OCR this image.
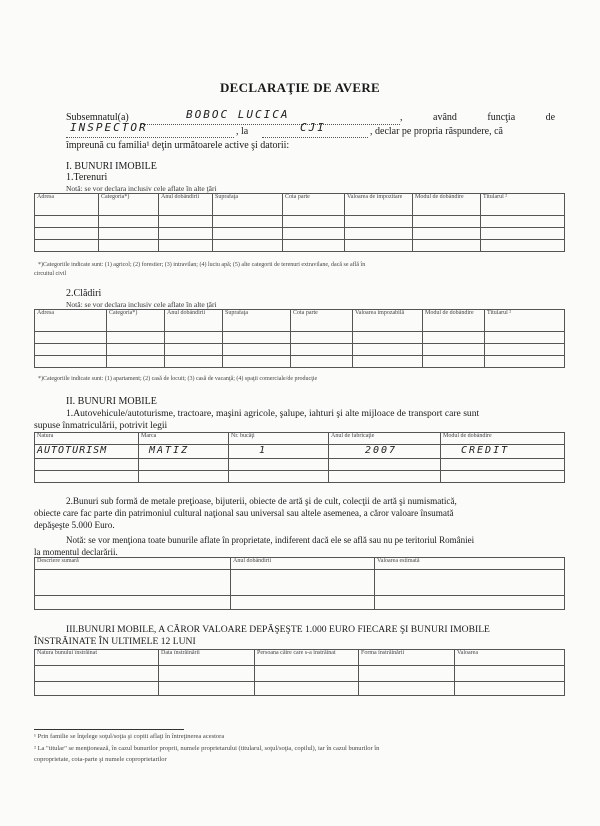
DECLARAŢIE DE AVERE
Subsemnatul(a)	BOBOC LUCICA	, având funcţia de
INSPECTOR	, la	CJI	, declar pe propria răspundere, că
împreună cu familia¹ deţin următoarele active şi datorii:
I. BUNURI IMOBILE
1.Terenuri
Notă: se vor declara inclusiv cele aflate în alte ţări
Adresa	Categoria*)	Anul dobândirii	Suprafaţa	Cota parte	Valoarea de impozitare	Modul de dobândire	Titularul ²

*)Categoriile indicate sunt: (1) agricol; (2) forestier; (3) intravilan; (4) luciu apă; (5) alte categorii de terenuri extravilane, dacă se află în
circuitul civil
2.Clădiri
Notă: se vor declara inclusiv cele aflate în alte ţări
Adresa	Categoria*)	Anul dobândirii	Suprafaţa	Cota parte	Valoarea impozabilă	Modul de dobândire	Titularul ²

*)Categoriile indicate sunt: (1) apartament; (2) casă de locuit; (3) casă de vacanţă; (4) spaţii comerciale/de producţie
II. BUNURI MOBILE
1.Autovehicule/autoturisme, tractoare, maşini agricole, şalupe, iahturi şi alte mijloace de transport care sunt
supuse înmatriculării, potrivit legii
Natura	Marca	Nr. bucăţi	Anul de fabricaţie	Modul de dobândire
AUTOTURISM	MATIZ	1	2007	CREDIT

2.Bunuri sub formă de metale preţioase, bijuterii, obiecte de artă şi de cult, colecţii de artă şi numismatică,
obiecte care fac parte din patrimoniul cultural naţional sau universal sau altele asemenea, a căror valoare însumată
depăşeşte 5.000 Euro.
Notă: se vor menţiona toate bunurile aflate în proprietate, indiferent dacă ele se află sau nu pe teritoriul României
la momentul declarării.
Descriere sumară	Anul dobândirii	Valoarea estimată

III.BUNURI MOBILE, A CĂROR VALOARE DEPĂŞEŞTE 1.000 EURO FIECARE ŞI BUNURI IMOBILE
ÎNSTRĂINATE ÎN ULTIMELE 12 LUNI
Natura bunului înstrăinat	Data înstrăinării	Persoana către care s-a înstrăinat	Forma înstrăinării	Valoarea

¹ Prin familie se înţelege soţul/soţia şi copiii aflaţi în întreţinerea acestora
² La "titular" se menţionează, în cazul bunurilor proprii, numele proprietarului (titularul, soţul/soţia, copilul), iar în cazul bunurilor în
coproprietate, cota-parte şi numele coproprietarilor
